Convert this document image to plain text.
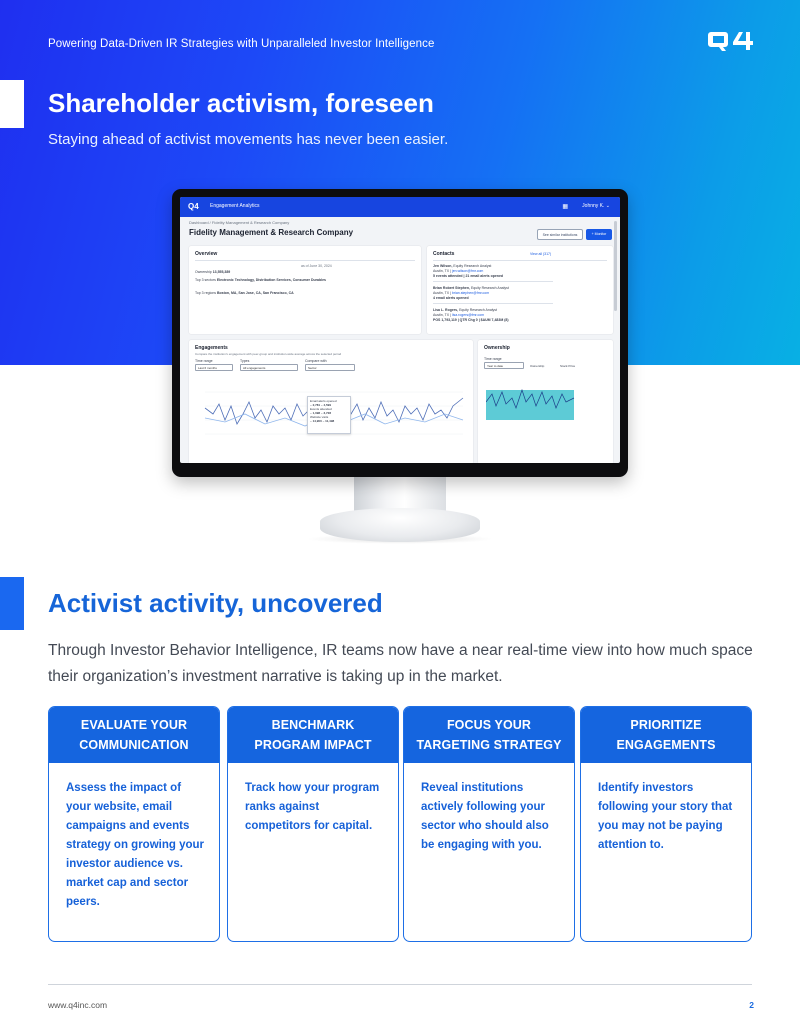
Powering Data-Driven IR Strategies with Unparalleled Investor Intelligence
Shareholder activism, foreseen
Staying ahead of activist movements has never been easier.
Q4 Engagement Analytics	▦	Johnny K. ⌄
Dashboard / Fidelity Management & Research Company
Fidelity Management & Research Company	See similar institutions	+ Monitor
Overview
as of June 30, 2024
Ownership 13,555,389
Top 3 sectors Electronic Technology, Distribution Services, Consumer Durables
Top 3 regions Boston, MA, San Jose, CA, San Francisco, CA
Contacts	View all (317)
Jen Wilson, Equity Research Analyst
Austin, TX | jen.wilson@fmr.com
5 events attended | 21 email alerts opened
Brian Robert Stephen, Equity Research Analyst
Austin, TX | brian.stephen@fmr.com
4 email alerts opened
Lisa L. Rogers, Equity Research Analyst
Austin, TX | lisa.rogers@fmr.com
POS 1,793,119 | QTR Chg 0 | $AUM 7,483M (8)
Engagements
Compare the institution's engagement with peer-group and institution-wide average across the selected period
Time range
Last 6 months
Types
All engagements
Compare with
Sector
Email alerts opened
~ 2,781 ~ 4,599
Events attended
~ 1,098 ~ 3,728
Website visits
~ 14,900 ~ 11,498
Ownership
Time range
Year to date	Ownership	Stock Price
Activist activity, uncovered
Through Investor Behavior Intelligence, IR teams now have a near real-time view into how much space their organization’s investment narrative is taking up in the market.
EVALUATE YOUR
COMMUNICATION
Assess the impact of your website, email campaigns and events strategy on growing your investor audience vs. market cap and sector peers.
BENCHMARK
PROGRAM IMPACT
Track how your program ranks against competitors for capital.
FOCUS YOUR
TARGETING STRATEGY
Reveal institutions actively following your sector who should also be engaging with you.
PRIORITIZE
ENGAGEMENTS
Identify investors following your story that you may not be paying attention to.
www.q4inc.com	2
